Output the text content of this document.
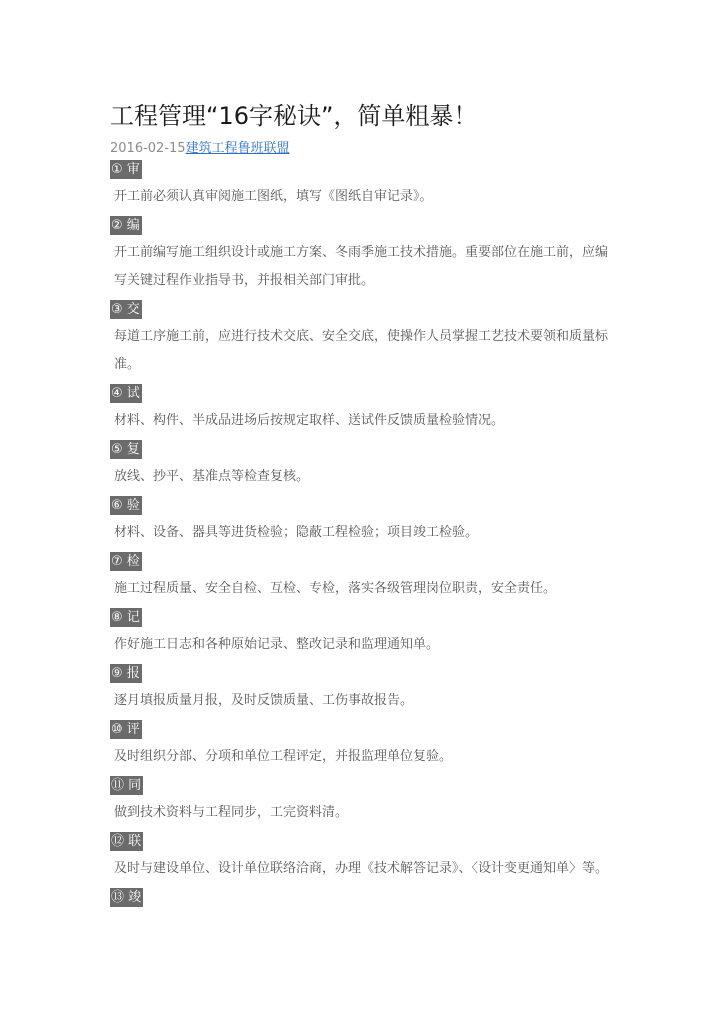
工程管理“16字秘诀”，简单粗暴！
2016-02-15建筑工程鲁班联盟
① 审

开工前必须认真审阅施工图纸，填写《图纸自审记录》。

② 编

开工前编写施工组织设计或施工方案、冬雨季施工技术措施。重要部位在施工前，应编写关键过程作业指导书，并报相关部门审批。

③ 交

每道工序施工前，应进行技术交底、安全交底，使操作人员掌握工艺技术要领和质量标准。

④ 试

材料、构件、半成品进场后按规定取样、送试件反馈质量检验情况。

⑤ 复

放线、抄平、基准点等检查复核。

⑥ 验

材料、设备、器具等进货检验；隐蔽工程检验；项目竣工检验。

⑦ 检

施工过程质量、安全自检、互检、专检，落实各级管理岗位职责，安全责任。

⑧ 记

作好施工日志和各种原始记录、整改记录和监理通知单。

⑨ 报

逐月填报质量月报，及时反馈质量、工伤事故报告。

⑩ 评

及时组织分部、分项和单位工程评定，并报监理单位复验。

⑪ 同

做到技术资料与工程同步，工完资料清。

⑫ 联

及时与建设单位、设计单位联络洽商，办理《技术解答记录》、〈设计变更通知单〉等。

⑬ 竣
